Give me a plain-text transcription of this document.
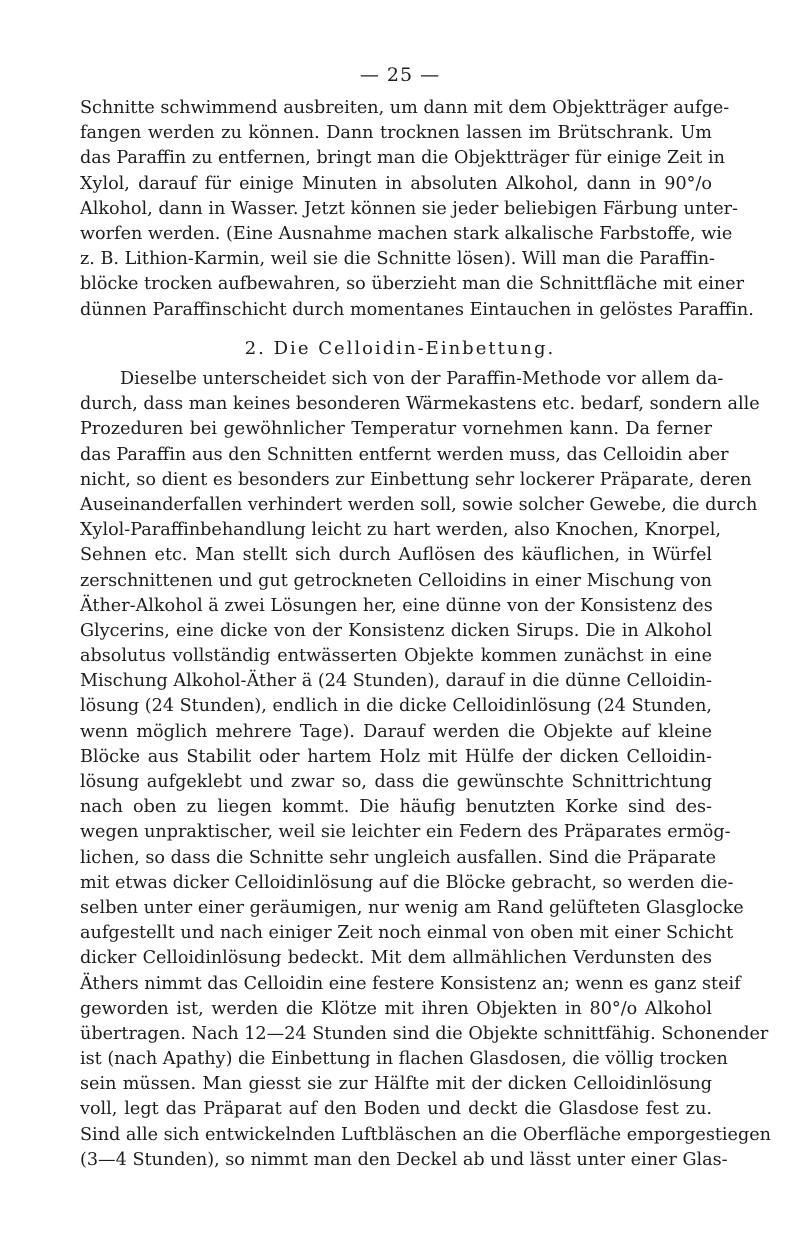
— 25 —
Schnitte schwimmend ausbreiten, um dann mit dem Objektträger aufge-
fangen werden zu können. Dann trocknen lassen im Brütschrank. Um
das Paraffin zu entfernen, bringt man die Objektträger für einige Zeit in
Xylol, darauf für einige Minuten in absoluten Alkohol, dann in 90°/o
Alkohol, dann in Wasser. Jetzt können sie jeder beliebigen Färbung unter-
worfen werden. (Eine Ausnahme machen stark alkalische Farbstoffe, wie
z. B. Lithion-Karmin, weil sie die Schnitte lösen). Will man die Paraffin-
blöcke trocken aufbewahren, so überzieht man die Schnittfläche mit einer
dünnen Paraffinschicht durch momentanes Eintauchen in gelöstes Paraffin.
2. Die Celloidin-Einbettung.
Dieselbe unterscheidet sich von der Paraffin-Methode vor allem da-
durch, dass man keines besonderen Wärmekastens etc. bedarf, sondern alle
Prozeduren bei gewöhnlicher Temperatur vornehmen kann. Da ferner
das Paraffin aus den Schnitten entfernt werden muss, das Celloidin aber
nicht, so dient es besonders zur Einbettung sehr lockerer Präparate, deren
Auseinanderfallen verhindert werden soll, sowie solcher Gewebe, die durch
Xylol-Paraffinbehandlung leicht zu hart werden, also Knochen, Knorpel,
Sehnen etc. Man stellt sich durch Auflösen des käuflichen, in Würfel
zerschnittenen und gut getrockneten Celloidins in einer Mischung von
Äther-Alkohol ä zwei Lösungen her, eine dünne von der Konsistenz des
Glycerins, eine dicke von der Konsistenz dicken Sirups. Die in Alkohol
absolutus vollständig entwässerten Objekte kommen zunächst in eine
Mischung Alkohol-Äther ä (24 Stunden), darauf in die dünne Celloidin-
lösung (24 Stunden), endlich in die dicke Celloidinlösung (24 Stunden,
wenn möglich mehrere Tage). Darauf werden die Objekte auf kleine
Blöcke aus Stabilit oder hartem Holz mit Hülfe der dicken Celloidin-
lösung aufgeklebt und zwar so, dass die gewünschte Schnittrichtung
nach oben zu liegen kommt. Die häufig benutzten Korke sind des-
wegen unpraktischer, weil sie leichter ein Federn des Präparates ermög-
lichen, so dass die Schnitte sehr ungleich ausfallen. Sind die Präparate
mit etwas dicker Celloidinlösung auf die Blöcke gebracht, so werden die-
selben unter einer geräumigen, nur wenig am Rand gelüfteten Glasglocke
aufgestellt und nach einiger Zeit noch einmal von oben mit einer Schicht
dicker Celloidinlösung bedeckt. Mit dem allmählichen Verdunsten des
Äthers nimmt das Celloidin eine festere Konsistenz an; wenn es ganz steif
geworden ist, werden die Klötze mit ihren Objekten in 80°/o Alkohol
übertragen. Nach 12—24 Stunden sind die Objekte schnittfähig. Schonender
ist (nach Apathy) die Einbettung in flachen Glasdosen, die völlig trocken
sein müssen. Man giesst sie zur Hälfte mit der dicken Celloidinlösung
voll, legt das Präparat auf den Boden und deckt die Glasdose fest zu.
Sind alle sich entwickelnden Luftbläschen an die Oberfläche emporgestiegen
(3—4 Stunden), so nimmt man den Deckel ab und lässt unter einer Glas-
